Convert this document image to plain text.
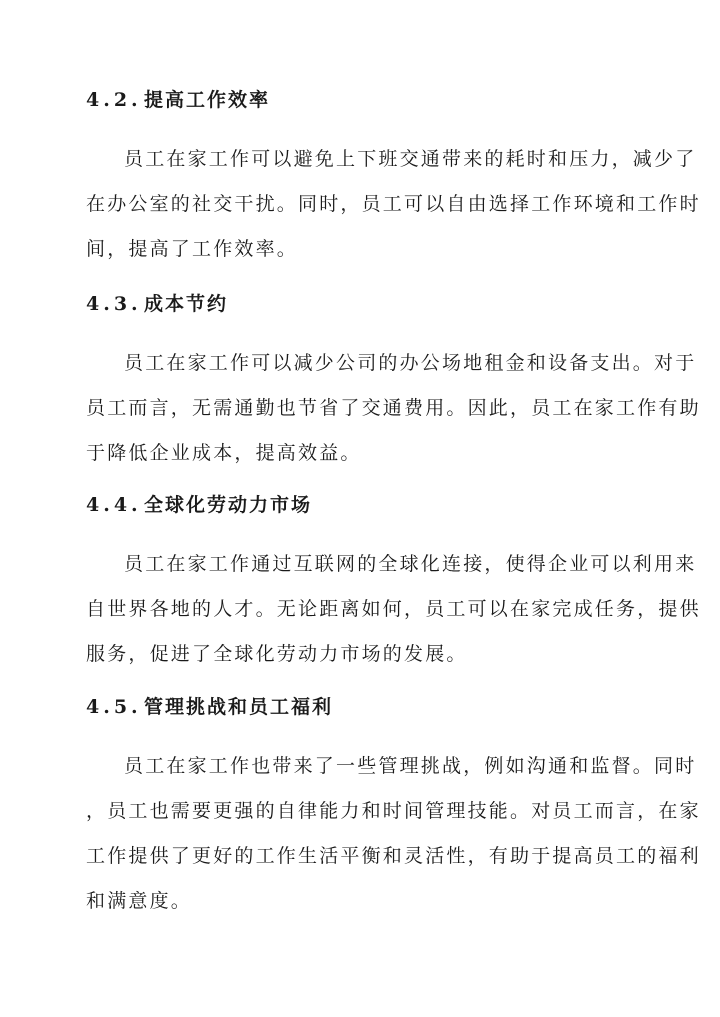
4.2. 提高工作效率
员工在家工作可以避免上下班交通带来的耗时和压力，减少了
在办公室的社交干扰。同时，员工可以自由选择工作环境和工作时
间，提高了工作效率。
4.3. 成本节约
员工在家工作可以减少公司的办公场地租金和设备支出。对于
员工而言，无需通勤也节省了交通费用。因此，员工在家工作有助
于降低企业成本，提高效益。
4.4. 全球化劳动力市场
员工在家工作通过互联网的全球化连接，使得企业可以利用来
自世界各地的人才。无论距离如何，员工可以在家完成任务，提供
服务，促进了全球化劳动力市场的发展。
4.5. 管理挑战和员工福利
员工在家工作也带来了一些管理挑战，例如沟通和监督。同时
，员工也需要更强的自律能力和时间管理技能。对员工而言，在家
工作提供了更好的工作生活平衡和灵活性，有助于提高员工的福利
和满意度。
